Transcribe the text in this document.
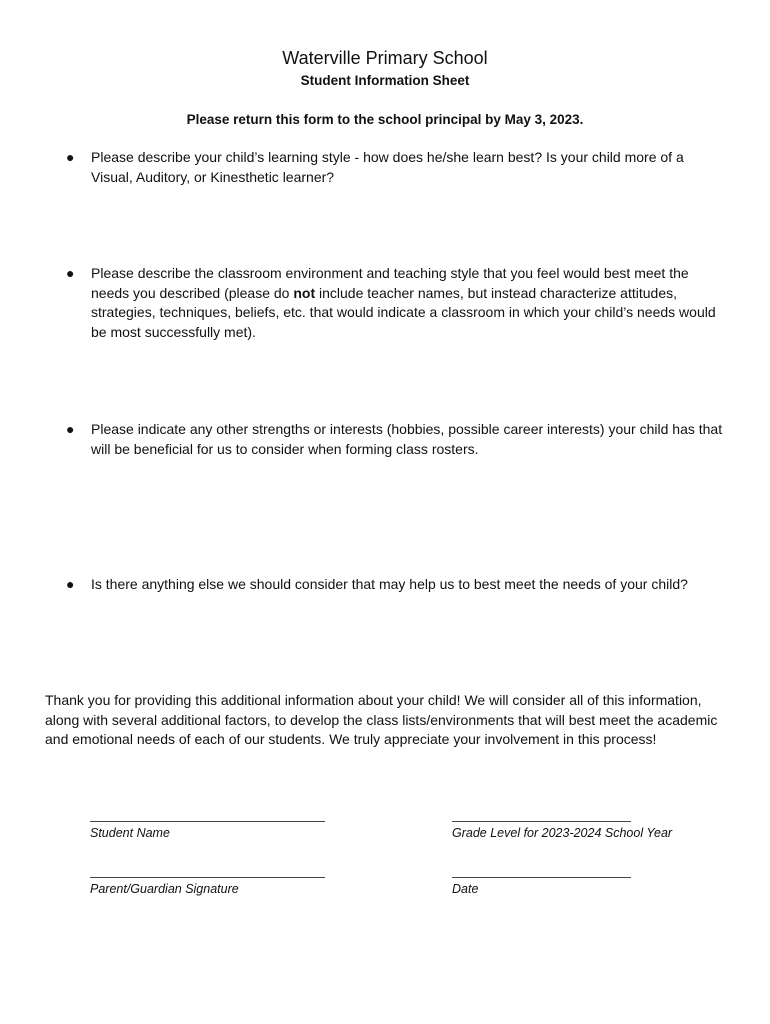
Waterville Primary School
Student Information Sheet
Please return this form to the school principal by May 3, 2023.
● Please describe your child’s learning style - how does he/she learn best? Is your child more of a Visual, Auditory, or Kinesthetic learner?
● Please describe the classroom environment and teaching style that you feel would best meet the needs you described (please do not include teacher names, but instead characterize attitudes, strategies, techniques, beliefs, etc. that would indicate a classroom in which your child’s needs would be most successfully met).
● Please indicate any other strengths or interests (hobbies, possible career interests) your child has that will be beneficial for us to consider when forming class rosters.
● Is there anything else we should consider that may help us to best meet the needs of your child?
Thank you for providing this additional information about your child! We will consider all of this information, along with several additional factors, to develop the class lists/environments that will best meet the academic and emotional needs of each of our students. We truly appreciate your involvement in this process!
Student Name	Grade Level for 2023-2024 School Year
Parent/Guardian Signature	Date
